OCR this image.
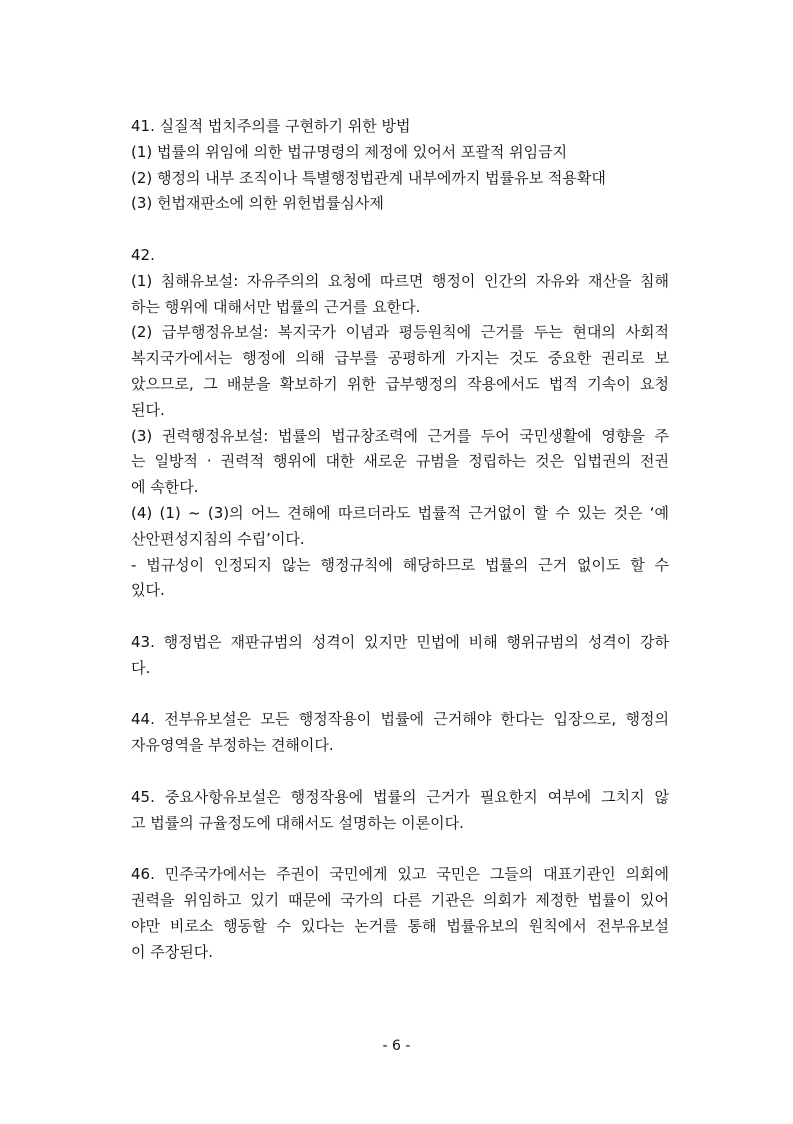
41. 실질적 법치주의를 구현하기 위한 방법
(1) 법률의 위임에 의한 법규명령의 제정에 있어서 포괄적 위임금지
(2) 행정의 내부 조직이나 특별행정법관계 내부에까지 법률유보 적용확대
(3) 헌법재판소에 의한 위헌법률심사제
42.
(1) 침해유보설: 자유주의의 요청에 따르면 행정이 인간의 자유와 재산을 침해
하는 행위에 대해서만 법률의 근거를 요한다.
(2) 급부행정유보설: 복지국가 이념과 평등원칙에 근거를 두는 현대의 사회적
복지국가에서는 행정에 의해 급부를 공평하게 가지는 것도 중요한 권리로 보
았으므로, 그 배분을 확보하기 위한 급부행정의 작용에서도 법적 기속이 요청
된다.
(3) 권력행정유보설: 법률의 법규창조력에 근거를 두어 국민생활에 영향을 주
는 일방적 · 권력적 행위에 대한 새로운 규범을 정립하는 것은 입법권의 전권
에 속한다.
(4) (1) ~ (3)의 어느 견해에 따르더라도 법률적 근거없이 할 수 있는 것은 ‘예
산안편성지침의 수립’이다.
- 법규성이 인정되지 않는 행정규칙에 해당하므로 법률의 근거 없이도 할 수
있다.
43. 행정법은 재판규범의 성격이 있지만 민법에 비해 행위규범의 성격이 강하
다.
44. 전부유보설은 모든 행정작용이 법률에 근거해야 한다는 입장으로, 행정의
자유영역을 부정하는 견해이다.
45. 중요사항유보설은 행정작용에 법률의 근거가 필요한지 여부에 그치지 않
고 법률의 규율정도에 대해서도 설명하는 이론이다.
46. 민주국가에서는 주권이 국민에게 있고 국민은 그들의 대표기관인 의회에
권력을 위임하고 있기 때문에 국가의 다른 기관은 의회가 제정한 법률이 있어
야만 비로소 행동할 수 있다는 논거를 통해 법률유보의 원칙에서 전부유보설
이 주장된다.
- 6 -
